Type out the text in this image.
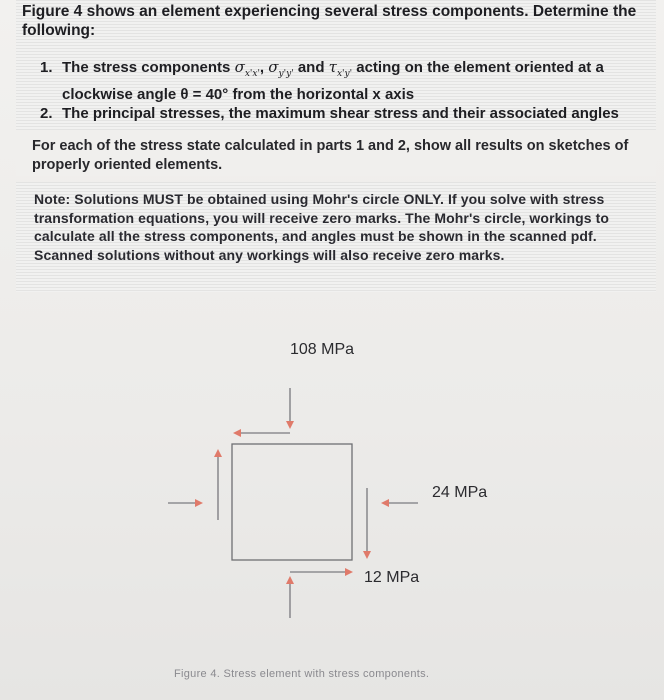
Figure 4 shows an element experiencing several stress components. Determine the following:
1. The stress components $\sigma_{x'x'}$, $\sigma_{y'y'}$ and $\tau_{x'y'}$ acting on the element oriented at a clockwise angle θ = 40° from the horizontal x axis
2. The principal stresses, the maximum shear stress and their associated angles
For each of the stress state calculated in parts 1 and 2, show all results on sketches of properly oriented elements.
Note: Solutions MUST be obtained using Mohr's circle ONLY. If you solve with stress transformation equations, you will receive zero marks. The Mohr's circle, workings to calculate all the stress components, and angles must be shown in the scanned pdf. Scanned solutions without any workings will also receive zero marks.
108 MPa
24 MPa
12 MPa
Figure 4. Stress element with stress components.
